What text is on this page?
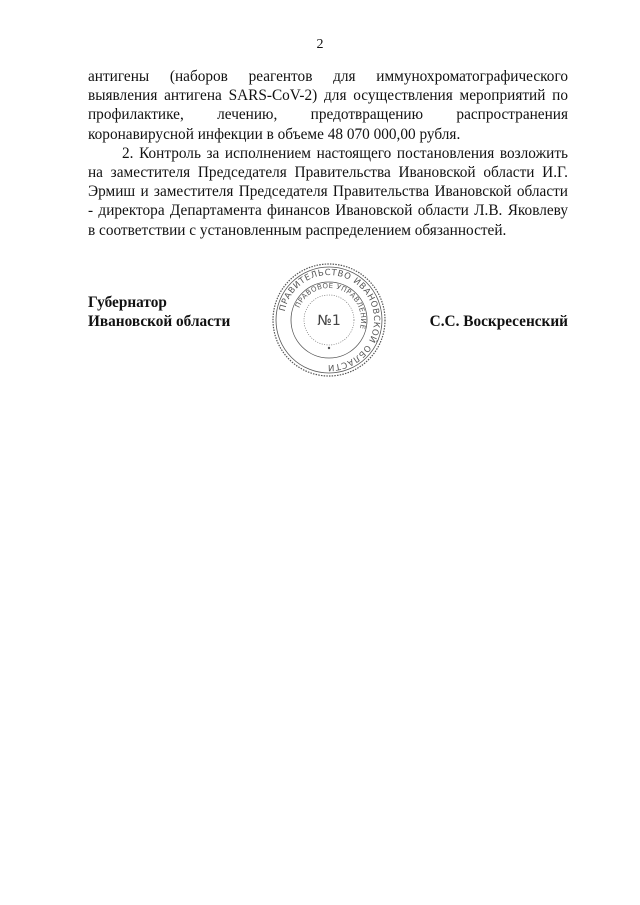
2

антигены (наборов реагентов для иммунохроматографического выявления антигена SARS-CoV-2) для осуществления мероприятий по профилактике, лечению, предотвращению распространения коронавирусной инфекции в объеме 48 070 000,00 рубля.

2. Контроль за исполнением настоящего постановления возложить на заместителя Председателя Правительства Ивановской области И.Г. Эрмиш и заместителя Председателя Правительства Ивановской области - директора Департамента финансов Ивановской области Л.В. Яковлеву в соответствии с установленным распределением обязанностей.

Губернатор
Ивановской области	С.С. Воскресенский
ПРАВИТЕЛЬСТВО ИВАНОВСКОЙ ОБЛАСТИ
ПРАВОВОЕ УПРАВЛЕНИЕ
№1
